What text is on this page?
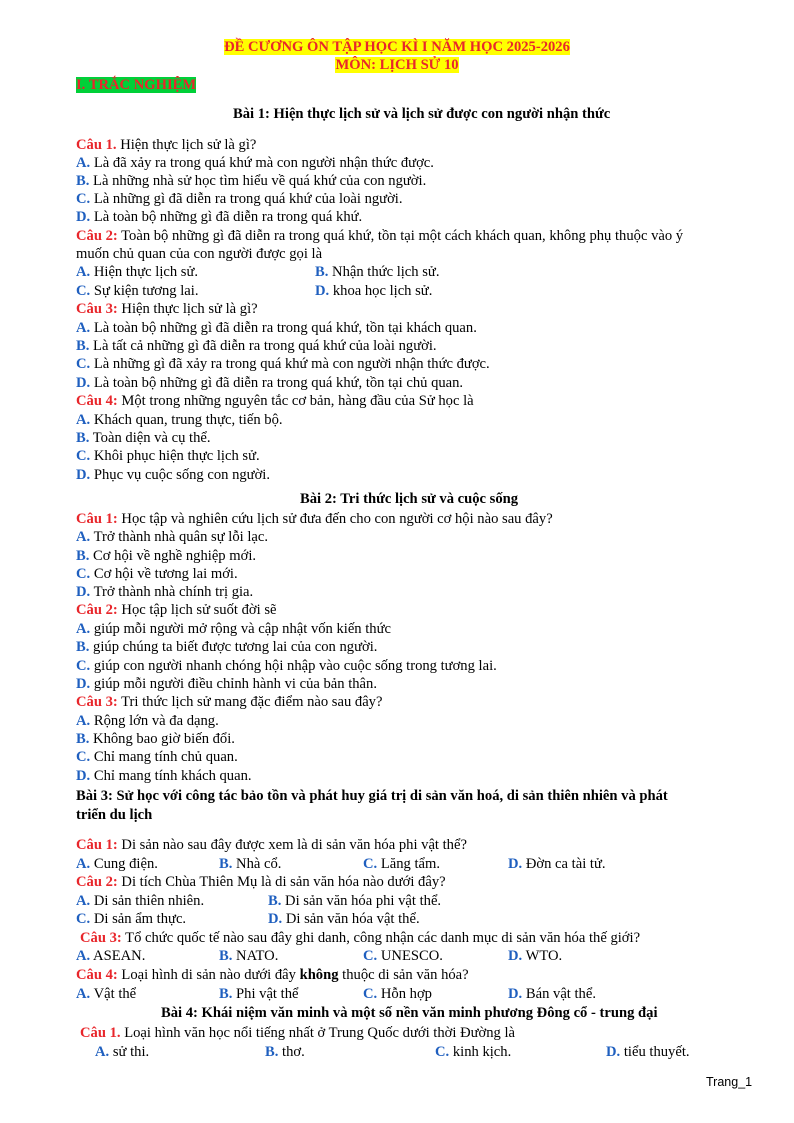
ĐỀ CƯƠNG ÔN TẬP HỌC KÌ I NĂM HỌC 2025-2026
MÔN: LỊCH SỬ 10
I. TRẮC NGHIỆM
Bài 1: Hiện thực lịch sử và lịch sử được con người nhận thức
Câu 1. Hiện thực lịch sử là gì?
A. Là đã xảy ra trong quá khứ mà con người nhận thức được.
B. Là những nhà sử học tìm hiểu về quá khứ của con người.
C. Là những gì đã diễn ra trong quá khứ của loài người.
D. Là toàn bộ những gì đã diễn ra trong quá khứ.
Câu 2: Toàn bộ những gì đã diễn ra trong quá khứ, tồn tại một cách khách quan, không phụ thuộc vào ý
muốn chủ quan của con người được gọi là
A. Hiện thực lịch sử.	B. Nhận thức lịch sử.
C. Sự kiện tương lai.	D. khoa học lịch sử.
Câu 3: Hiện thực lịch sử là gì?
A. Là toàn bộ những gì đã diễn ra trong quá khứ, tồn tại khách quan.
B. Là tất cả những gì đã diễn ra trong quá khứ của loài người.
C. Là những gì đã xảy ra trong quá khứ mà con người nhận thức được.
D. Là toàn bộ những gì đã diễn ra trong quá khứ, tồn tại chủ quan.
Câu 4: Một trong những nguyên tắc cơ bản, hàng đầu của Sử học là
A. Khách quan, trung thực, tiến bộ.
B. Toàn diện và cụ thể.
C. Khôi phục hiện thực lịch sử.
D. Phục vụ cuộc sống con người.
Bài 2: Tri thức lịch sử và cuộc sống
Câu 1: Học tập và nghiên cứu lịch sử đưa đến cho con người cơ hội nào sau đây?
A. Trở thành nhà quân sự lỗi lạc.
B. Cơ hội về nghề nghiệp mới.
C. Cơ hội về tương lai mới.
D. Trở thành nhà chính trị gia.
Câu 2: Học tập lịch sử suốt đời sẽ
A. giúp mỗi người mở rộng và cập nhật vốn kiến thức
B. giúp chúng ta biết được tương lai của con người.
C. giúp con người nhanh chóng hội nhập vào cuộc sống trong tương lai.
D. giúp mỗi người điều chỉnh hành vi của bản thân.
Câu 3: Tri thức lịch sử mang đặc điểm nào sau đây?
A. Rộng lớn và đa dạng.
B. Không bao giờ biến đổi.
C. Chỉ mang tính chủ quan.
D. Chỉ mang tính khách quan.
Bài 3: Sử học với công tác bảo tồn và phát huy giá trị di sản văn hoá, di sản thiên nhiên và phát
triển du lịch
Câu 1: Di sản nào sau đây được xem là di sản văn hóa phi vật thể?
A. Cung điện.	B. Nhà cổ.	C. Lăng tẩm.	D. Đờn ca tài tử.
Câu 2: Di tích Chùa Thiên Mụ là di sản văn hóa nào dưới đây?
A. Di sản thiên nhiên.	B. Di sản văn hóa phi vật thể.
C. Di sản ẩm thực.	D. Di sản văn hóa vật thể.
Câu 3: Tổ chức quốc tế nào sau đây ghi danh, công nhận các danh mục di sản văn hóa thế giới?
A. ASEAN.	B. NATO.	C. UNESCO.	D. WTO.
Câu 4: Loại hình di sản nào dưới đây không thuộc di sản văn hóa?
A. Vật thể	B. Phi vật thể	C. Hỗn hợp	D. Bán vật thể.
Bài 4: Khái niệm văn minh và một số nền văn minh phương Đông cổ - trung đại
Câu 1. Loại hình văn học nổi tiếng nhất ở Trung Quốc dưới thời Đường là
A. sử thi.	B. thơ.	C. kinh kịch.	D. tiểu thuyết.
Trang_1
